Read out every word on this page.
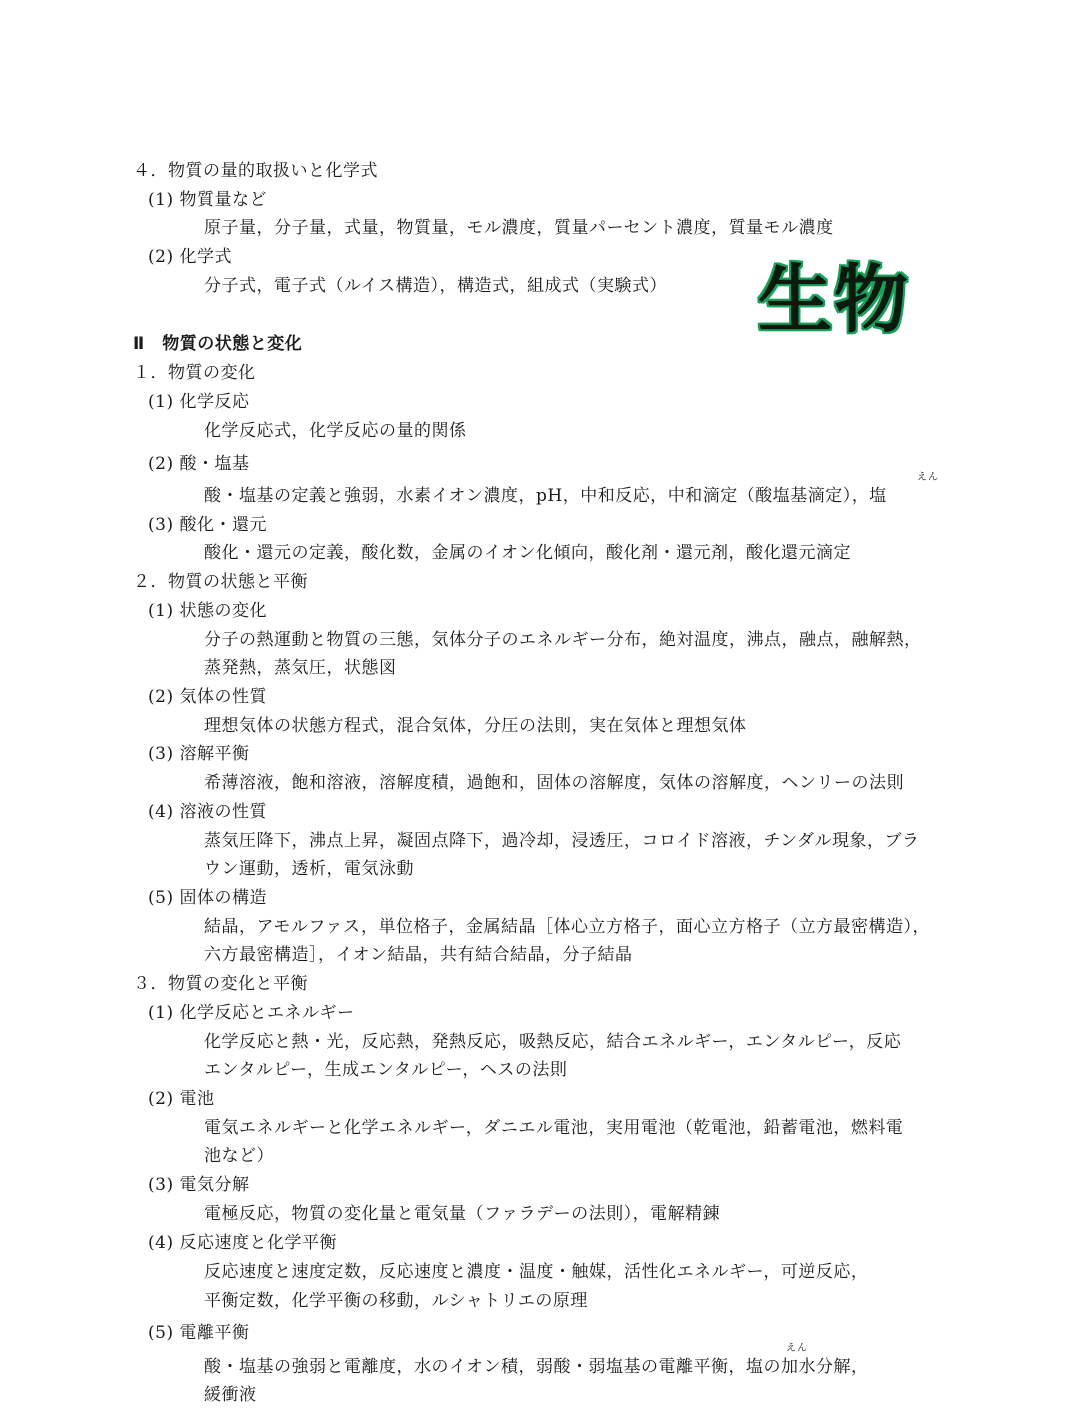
４．物質の量的取扱いと化学式
(1) 物質量など
原子量，分子量，式量，物質量，モル濃度，質量パーセント濃度，質量モル濃度
(2) 化学式
分子式，電子式（ルイス構造），構造式，組成式（実験式） 生物
Ⅱ　物質の状態と変化
１．物質の変化
(1) 化学反応
化学反応式，化学反応の量的関係
(2) 酸・塩基
えん
酸・塩基の定義と強弱，水素イオン濃度，pH，中和反応，中和滴定（酸塩基滴定），塩
(3) 酸化・還元
酸化・還元の定義，酸化数，金属のイオン化傾向，酸化剤・還元剤，酸化還元滴定
２．物質の状態と平衡
(1) 状態の変化
分子の熱運動と物質の三態，気体分子のエネルギー分布，絶対温度，沸点，融点，融解熱，
蒸発熱，蒸気圧，状態図
(2) 気体の性質
理想気体の状態方程式，混合気体，分圧の法則，実在気体と理想気体
(3) 溶解平衡
希薄溶液，飽和溶液，溶解度積，過飽和，固体の溶解度，気体の溶解度，ヘンリーの法則
(4) 溶液の性質
蒸気圧降下，沸点上昇，凝固点降下，過冷却，浸透圧，コロイド溶液，チンダル現象，ブラ
ウン運動，透析，電気泳動
(5) 固体の構造
結晶，アモルファス，単位格子，金属結晶［体心立方格子，面心立方格子（立方最密構造），
六方最密構造］，イオン結晶，共有結合結晶，分子結晶
３．物質の変化と平衡
(1) 化学反応とエネルギー
化学反応と熱・光，反応熱，発熱反応，吸熱反応，結合エネルギー，エンタルピー，反応
エンタルピー，生成エンタルピー，ヘスの法則
(2) 電池
電気エネルギーと化学エネルギー，ダニエル電池，実用電池（乾電池，鉛蓄電池，燃料電
池など）
(3) 電気分解
電極反応，物質の変化量と電気量（ファラデーの法則），電解精錬
(4) 反応速度と化学平衡
反応速度と速度定数，反応速度と濃度・温度・触媒，活性化エネルギー，可逆反応，
平衡定数，化学平衡の移動，ルシャトリエの原理
(5) 電離平衡
えん
酸・塩基の強弱と電離度，水のイオン積，弱酸・弱塩基の電離平衡，塩の加水分解，
緩衝液
